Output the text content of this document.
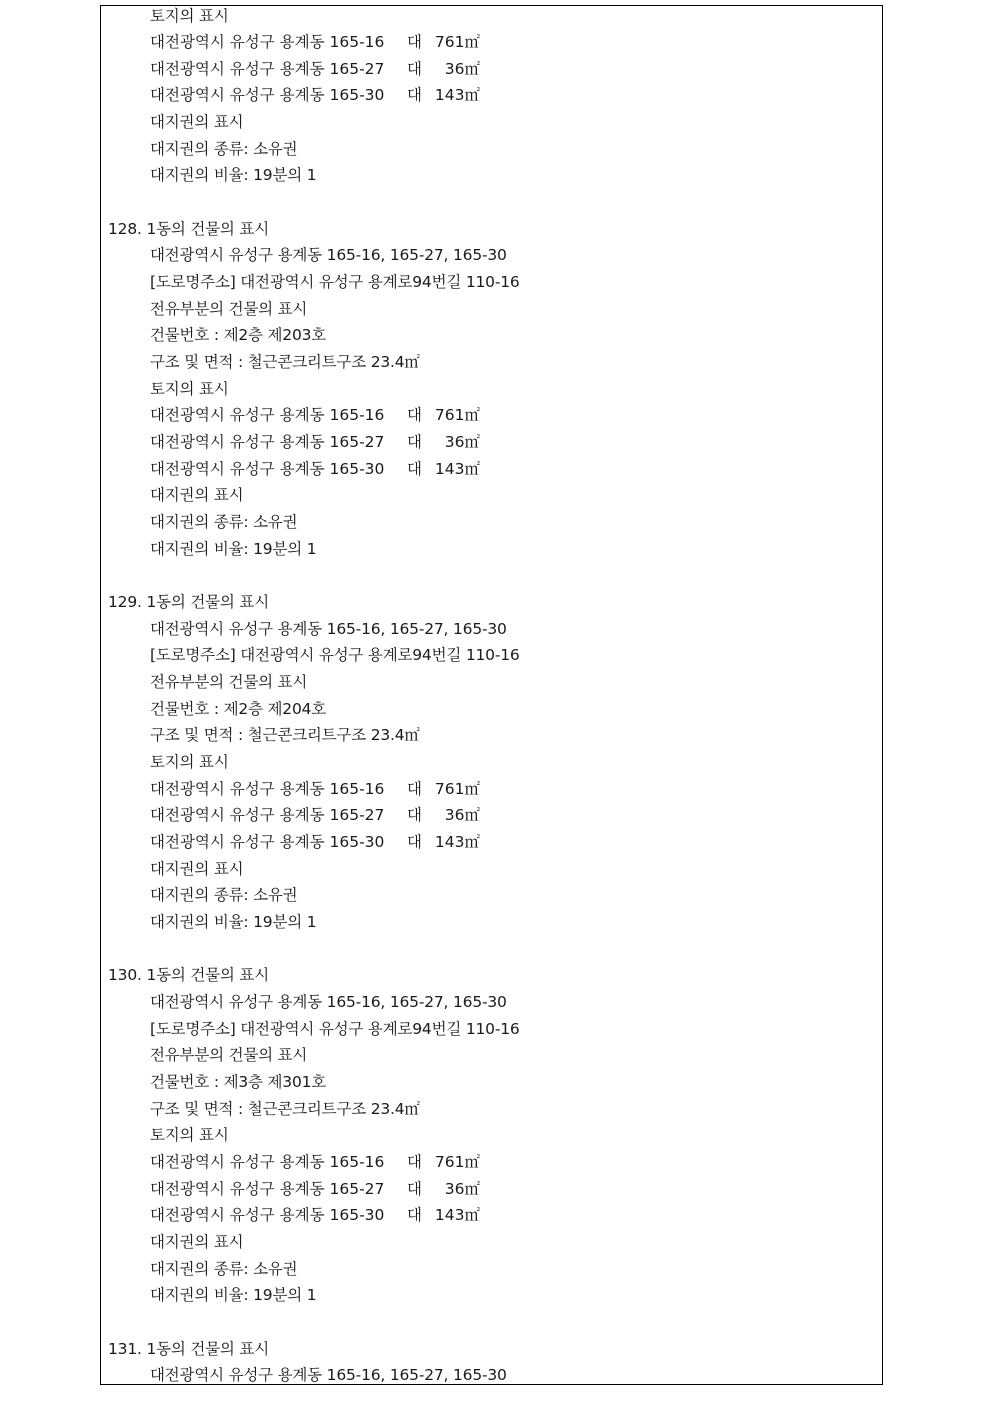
토지의 표시
대전광역시 유성구 용계동 165-16 대 761㎡
대전광역시 유성구 용계동 165-27 대	36㎡
대전광역시 유성구 용계동 165-30 대 143㎡
대지권의 표시
대지권의 종류: 소유권
대지권의 비율: 19분의 1
128. 1동의 건물의 표시
대전광역시 유성구 용계동 165-16, 165-27, 165-30
[도로명주소] 대전광역시 유성구 용계로94번길 110-16
전유부분의 건물의 표시
건물번호 : 제2층 제203호
구조 및 면적 : 철근콘크리트구조 23.4㎡
토지의 표시
대전광역시 유성구 용계동 165-16 대 761㎡
대전광역시 유성구 용계동 165-27 대	36㎡
대전광역시 유성구 용계동 165-30 대 143㎡
대지권의 표시
대지권의 종류: 소유권
대지권의 비율: 19분의 1
129. 1동의 건물의 표시
대전광역시 유성구 용계동 165-16, 165-27, 165-30
[도로명주소] 대전광역시 유성구 용계로94번길 110-16
전유부분의 건물의 표시
건물번호 : 제2층 제204호
구조 및 면적 : 철근콘크리트구조 23.4㎡
토지의 표시
대전광역시 유성구 용계동 165-16 대 761㎡
대전광역시 유성구 용계동 165-27 대	36㎡
대전광역시 유성구 용계동 165-30 대 143㎡
대지권의 표시
대지권의 종류: 소유권
대지권의 비율: 19분의 1
130. 1동의 건물의 표시
대전광역시 유성구 용계동 165-16, 165-27, 165-30
[도로명주소] 대전광역시 유성구 용계로94번길 110-16
전유부분의 건물의 표시
건물번호 : 제3층 제301호
구조 및 면적 : 철근콘크리트구조 23.4㎡
토지의 표시
대전광역시 유성구 용계동 165-16 대 761㎡
대전광역시 유성구 용계동 165-27 대	36㎡
대전광역시 유성구 용계동 165-30 대 143㎡
대지권의 표시
대지권의 종류: 소유권
대지권의 비율: 19분의 1
131. 1동의 건물의 표시
대전광역시 유성구 용계동 165-16, 165-27, 165-30
